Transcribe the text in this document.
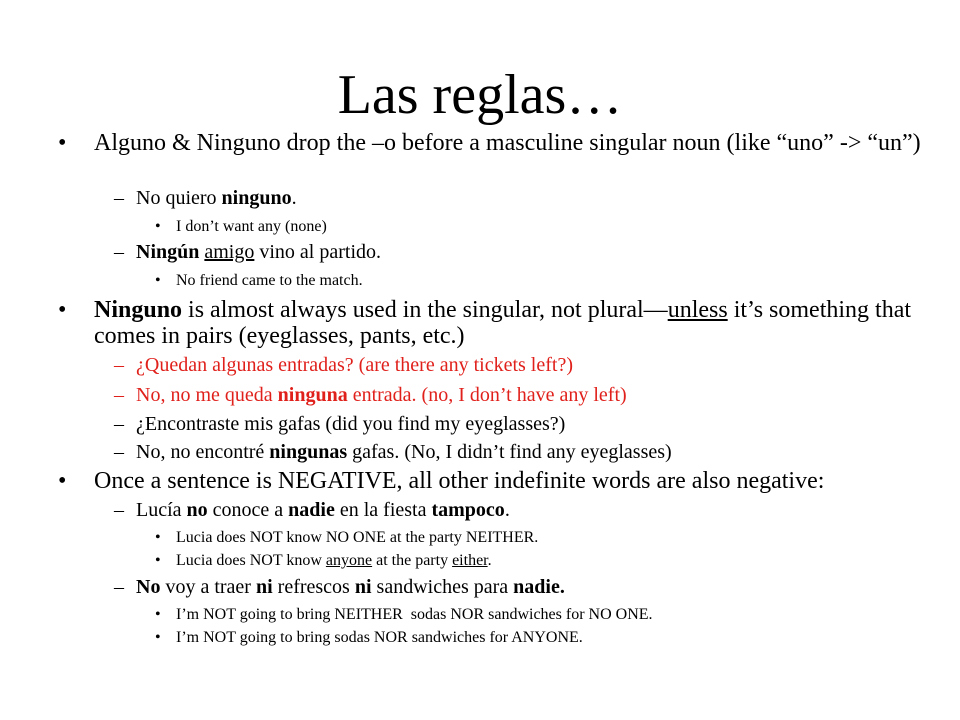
Las reglas…
• Alguno & Ninguno drop the –o before a masculine singular noun (like “uno” -> “un”)
– No quiero ninguno.
• I don’t want any (none)
– Ningún amigo vino al partido.
• No friend came to the match.
• Ninguno is almost always used in the singular, not plural—unless it’s something that comes in pairs (eyeglasses, pants, etc.)
– ¿Quedan algunas entradas? (are there any tickets left?)
– No, no me queda ninguna entrada. (no, I don’t have any left)
– ¿Encontraste mis gafas (did you find my eyeglasses?)
– No, no encontré ningunas gafas. (No, I didn’t find any eyeglasses)
• Once a sentence is NEGATIVE, all other indefinite words are also negative:
– Lucía no conoce a nadie en la fiesta tampoco.
• Lucia does NOT know NO ONE at the party NEITHER.
• Lucia does NOT know anyone at the party either.
– No voy a traer ni refrescos ni sandwiches para nadie.
• I’m NOT going to bring NEITHER  sodas NOR sandwiches for NO ONE.
• I’m NOT going to bring sodas NOR sandwiches for ANYONE.
